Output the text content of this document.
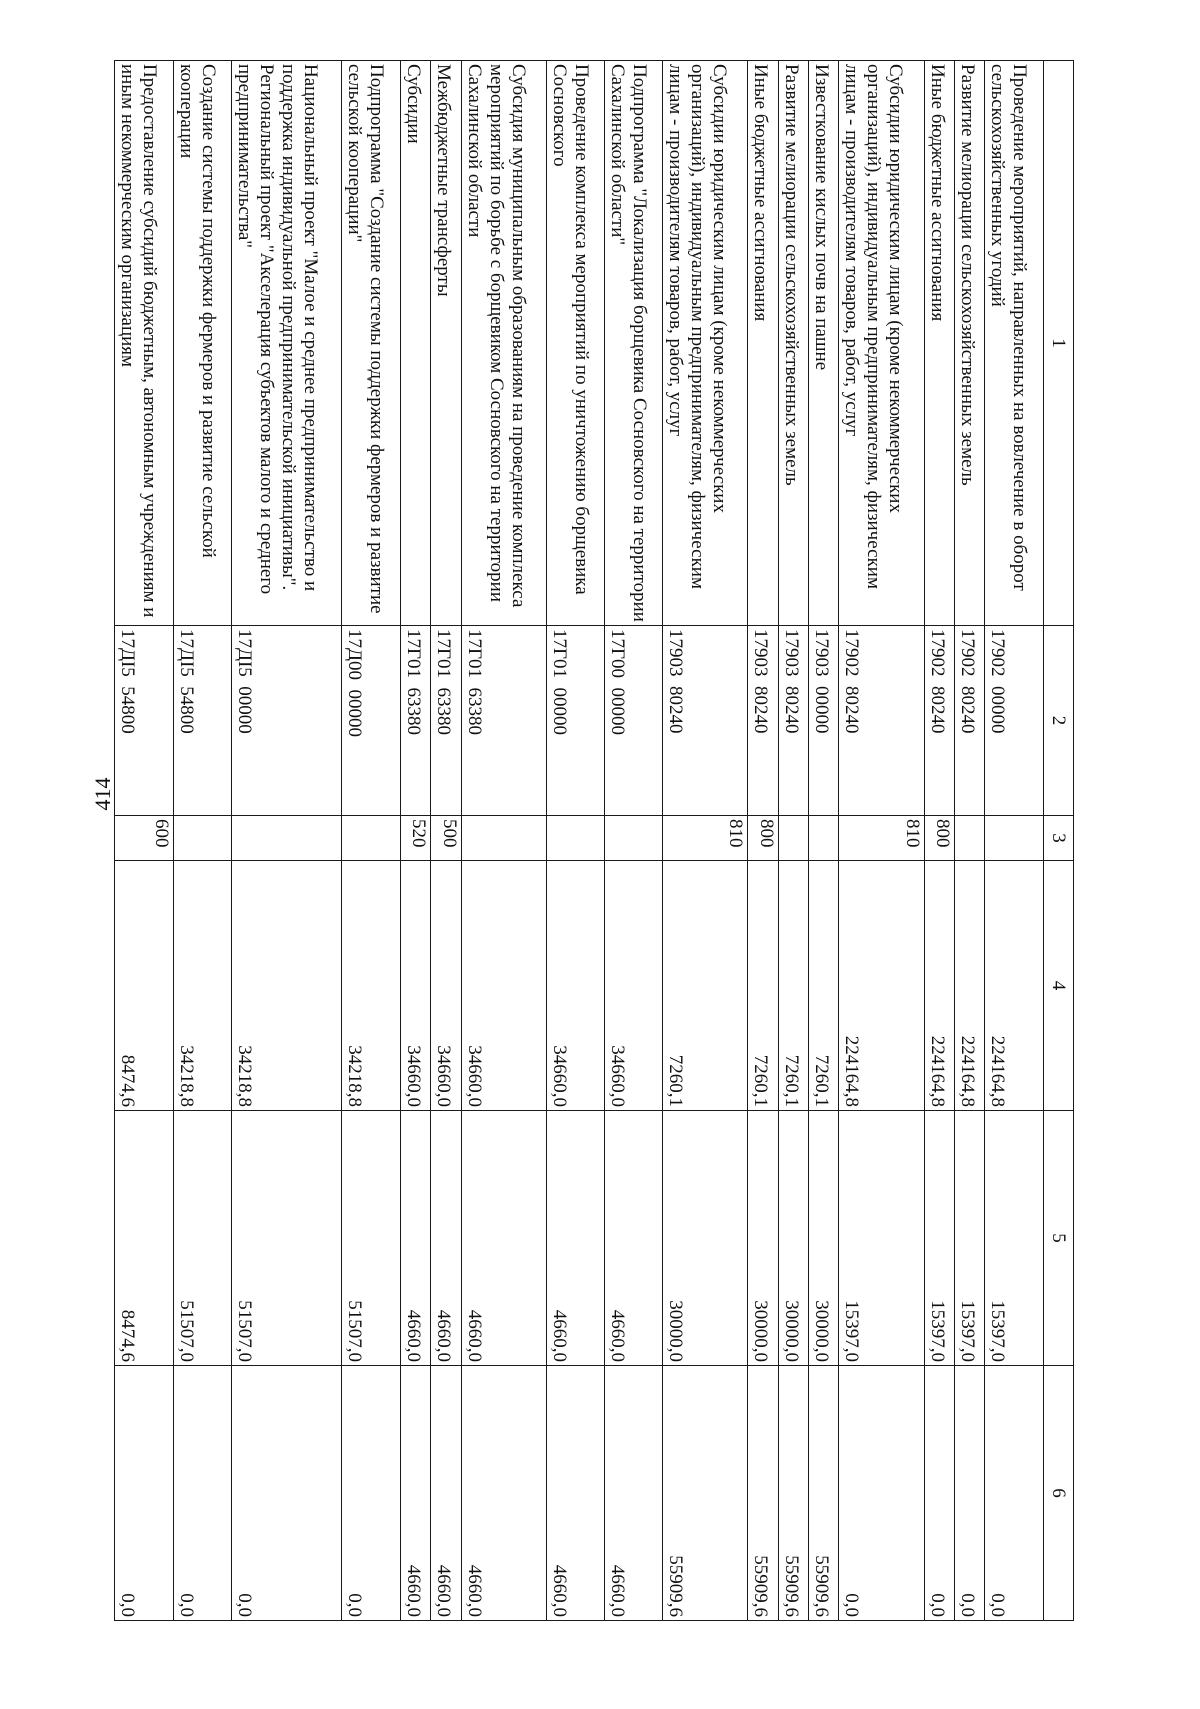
414
1	2	3	4	5	6
Проведение мероприятий, направленных на вовлечение в оборот сельскохозяйственных угодий	17902  00000		224164,8	15397,0	0,0
Развитие мелиорации сельскохозяйственных земель	17902  80240		224164,8	15397,0	0,0
Иные бюджетные ассигнования	17902  80240	800	224164,8	15397,0	0,0
Субсидии юридическим лицам (кроме некоммерческих организаций), индивидуальным предпринимателям, физическим лицам - производителям товаров, работ, услуг	17902  80240	810	224164,8	15397,0	0,0
Известкование кислых почв на пашне	17903  00000		7260,1	30000,0	55909,6
Развитие мелиорации сельскохозяйственных земель	17903  80240		7260,1	30000,0	55909,6
Иные бюджетные ассигнования	17903  80240	800	7260,1	30000,0	55909,6
Субсидии юридическим лицам (кроме некоммерческих организаций), индивидуальным предпринимателям, физическим лицам - производителям товаров, работ, услуг	17903  80240	810	7260,1	30000,0	55909,6
Подпрограмма "Локализация борщевика Сосновского на территории Сахалинской области"	17Г00  00000		34660,0	4660,0	4660,0
Проведение комплекса мероприятий по уничтожению борщевика Сосновского	17Г01  00000		34660,0	4660,0	4660,0
Субсидия муниципальным образованиям на проведение комплекса мероприятий по борьбе с борщевиком Сосновского на территории Сахалинской области	17Г01  63380		34660,0	4660,0	4660,0
Межбюджетные трансферты	17Г01  63380	500	34660,0	4660,0	4660,0
Субсидии	17Г01  63380	520	34660,0	4660,0	4660,0
Подпрограмма "Создание системы поддержки фермеров и развитие сельской кооперации"	17Д00  00000		34218,8	51507,0	0,0
Национальный проект "Малое и среднее предпринимательство и поддержка индивидуальной предпринимательской инициативы". Региональный проект "Акселерация субъектов малого и среднего предпринимательства"	17ДI5  00000		34218,8	51507,0	0,0
Создание системы поддержки фермеров и развитие сельской кооперации	17ДI5  54800		34218,8	51507,0	0,0
Предоставление субсидий бюджетным, автономным учреждениям и иным некоммерческим организациям	17ДI5  54800	600	8474,6	8474,6	0,0
